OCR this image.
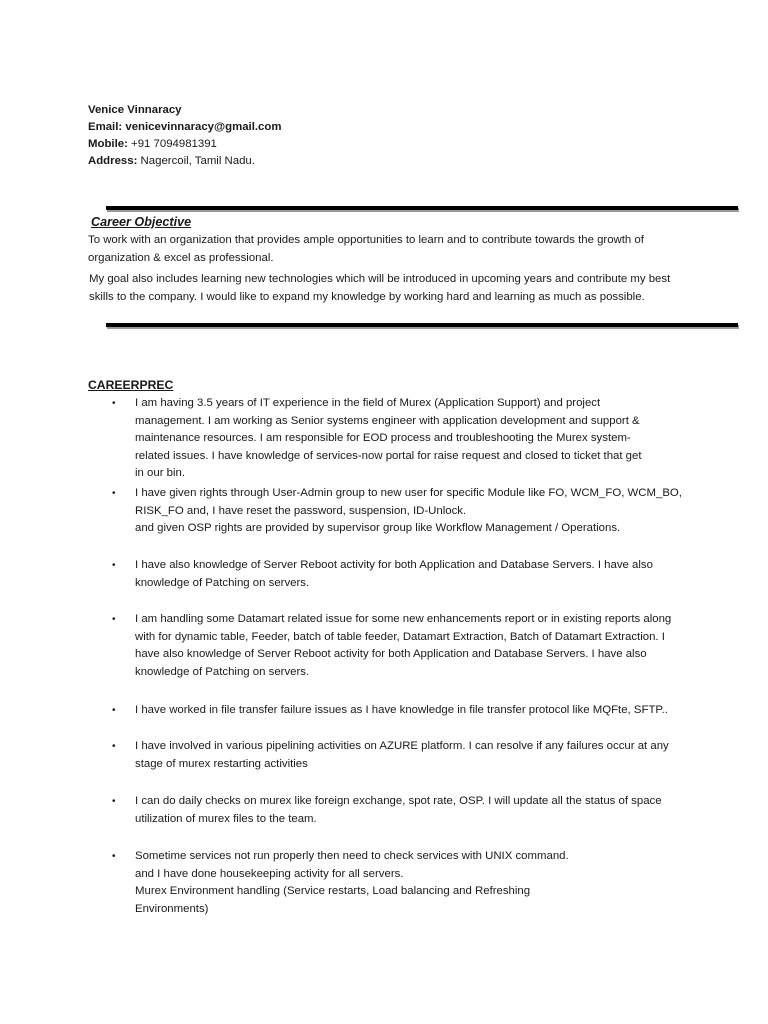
Venice Vinnaracy
Email: venicevinnaracy@gmail.com
Mobile: +91 7094981391
Address: Nagercoil, Tamil Nadu.
Career Objective
To work with an organization that provides ample opportunities to learn and to contribute towards the growth of organization & excel as professional.
My goal also includes learning new technologies which will be introduced in upcoming years and contribute my best skills to the company. I would like to expand my knowledge by working hard and learning as much as possible.
CAREERPREC
•	I am having 3.5 years of IT experience in the field of Murex (Application Support) and project management. I am working as Senior systems engineer with application development and support & maintenance resources. I am responsible for EOD process and troubleshooting the Murex system-related issues. I have knowledge of services-now portal for raise request and closed to ticket that get in our bin.
•	I have given rights through User-Admin group to new user for specific Module like FO, WCM_FO, WCM_BO, RISK_FO and, I have reset the password, suspension, ID-Unlock.
and given OSP rights are provided by supervisor group like Workflow Management / Operations.
•	I have also knowledge of Server Reboot activity for both Application and Database Servers. I have also knowledge of Patching on servers.
•	I am handling some Datamart related issue for some new enhancements report or in existing reports along with for dynamic table, Feeder, batch of table feeder, Datamart Extraction, Batch of Datamart Extraction. I have also knowledge of Server Reboot activity for both Application and Database Servers. I have also knowledge of Patching on servers.
•	I have worked in file transfer failure issues as I have knowledge in file transfer protocol like MQFte, SFTP..
•	I have involved in various pipelining activities on AZURE platform. I can resolve if any failures occur at any stage of murex restarting activities
•	I can do daily checks on murex like foreign exchange, spot rate, OSP. I will update all the status of space utilization of murex files to the team.
•	Sometime services not run properly then need to check services with UNIX command.
and I have done housekeeping activity for all servers.
Murex Environment handling (Service restarts, Load balancing and Refreshing Environments)
